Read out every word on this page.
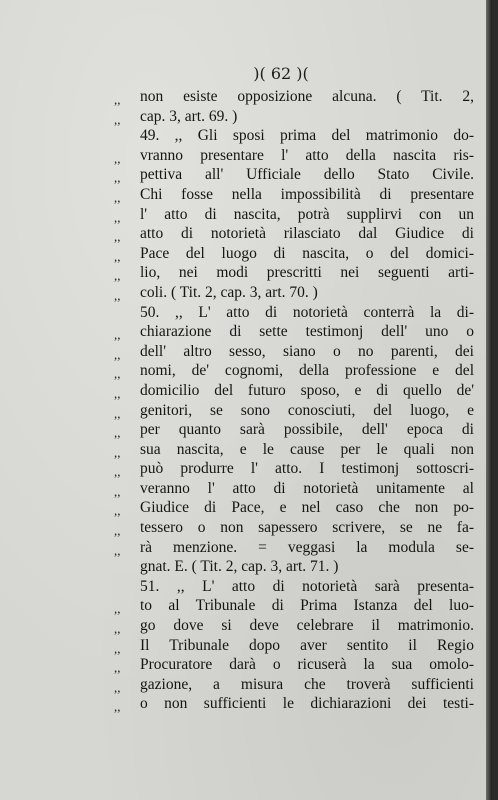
)( 62 )(
,,	non esiste opposizione alcuna. ( Tit. 2,
,,	cap. 3, art. 69. )
49. ,, Gli sposi prima del matrimonio do-
,,	vranno presentare l' atto della nascita ris-
,,	pettiva all' Ufficiale dello Stato Civile.
,,	Chi fosse nella impossibilità di presentare
,,	l' atto di nascita, potrà supplirvi con un
,,	atto di notorietà rilasciato dal Giudice di
,,	Pace del luogo di nascita, o del domici-
,,	lio, nei modi prescritti nei seguenti arti-
,,	coli. ( Tit. 2, cap. 3, art. 70. )
50. ,, L' atto di notorietà conterrà la di-
,,	chiarazione di sette testimonj dell' uno o
,,	dell' altro sesso, siano o no parenti, dei
,,	nomi, de' cognomi, della professione e del
,,	domicilio del futuro sposo, e di quello de'
,,	genitori, se sono conosciuti, del luogo, e
,,	per quanto sarà possibile, dell' epoca di
,,	sua nascita, e le cause per le quali non
,,	può produrre l' atto. I testimonj sottoscri-
,,	veranno l' atto di notorietà unitamente al
,,	Giudice di Pace, e nel caso che non po-
,,	tessero o non sapessero scrivere, se ne fa-
,,	rà menzione. = veggasi la modula se-
gnat. E. ( Tit. 2, cap. 3, art. 71. )
51. ,, L' atto di notorietà sarà presenta-
,,	to al Tribunale di Prima Istanza del luo-
,,	go dove si deve celebrare il matrimonio.
,,	Il Tribunale dopo aver sentito il Regio
,,	Procuratore darà o ricuserà la sua omolo-
,,	gazione, a misura che troverà sufficienti
,,	o non sufficienti le dichiarazioni dei testi-
